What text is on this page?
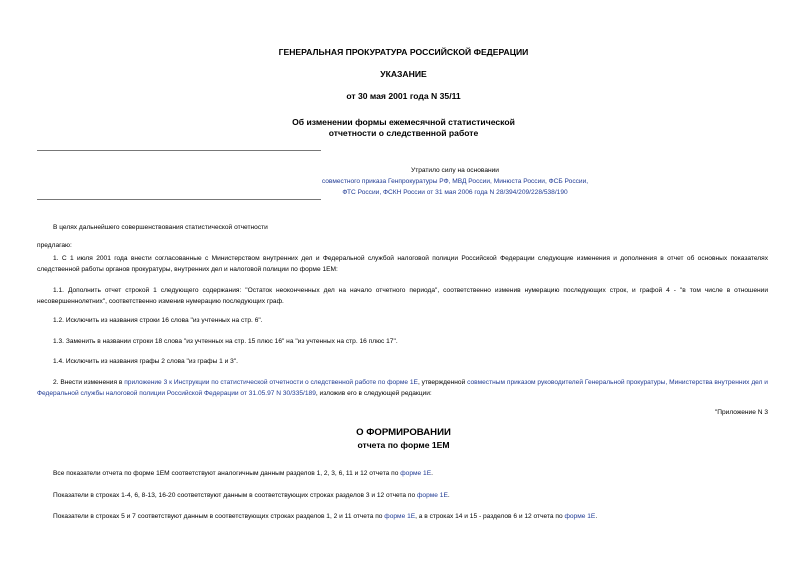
ГЕНЕРАЛЬНАЯ ПРОКУРАТУРА РОССИЙСКОЙ ФЕДЕРАЦИИ
УКАЗАНИЕ
от 30 мая 2001 года N 35/11
Об изменении формы ежемесячной статистической
отчетности о следственной работе
Утратило силу на основании
совместного приказа Генпрокуратуры РФ, МВД России, Минюста России, ФСБ России,
ФТС России, ФСКН России от 31 мая 2006 года N 28/394/209/228/538/190
В целях дальнейшего совершенствования статистической отчетности
предлагаю:
1. С 1 июля 2001 года внести согласованные с Министерством внутренних дел и Федеральной службой налоговой полиции Российской Федерации следующие изменения и дополнения в отчет об основных показателях следственной работы органов прокуратуры, внутренних дел и налоговой полиции по форме 1ЕМ:
1.1. Дополнить отчет строкой 1 следующего содержания: "Остаток неоконченных дел на начало отчетного периода", соответственно изменив нумерацию последующих строк, и графой 4 - "в том числе в отношении несовершеннолетних", соответственно изменив нумерацию последующих граф.
1.2. Исключить из названия строки 16 слова "из учтенных на стр. 6".
1.3. Заменить в названии строки 18 слова "из учтенных на стр. 15 плюс 16" на "из учтенных на стр. 16 плюс 17".
1.4. Исключить из названия графы 2 слова "из графы 1 и 3".
2. Внести изменения в приложение 3 к Инструкции по статистической отчетности о следственной работе по форме 1Е, утвержденной совместным приказом руководителей Генеральной прокуратуры, Министерства внутренних дел и Федеральной службы налоговой полиции Российской Федерации от 31.05.97 N 30/335/189, изложив его в следующей редакции:
"Приложение N 3
О ФОРМИРОВАНИИ
отчета по форме 1ЕМ
Все показатели отчета по форме 1ЕМ соответствуют аналогичным данным разделов 1, 2, 3, 6, 11 и 12 отчета по форме 1Е.
Показатели в строках 1-4, 6, 8-13, 16-20 соответствуют данным в соответствующих строках разделов 3 и 12 отчета по форме 1Е.
Показатели в строках 5 и 7 соответствуют данным в соответствующих строках разделов 1, 2 и 11 отчета по форме 1Е, а в строках 14 и 15 - разделов 6 и 12 отчета по форме 1Е.
